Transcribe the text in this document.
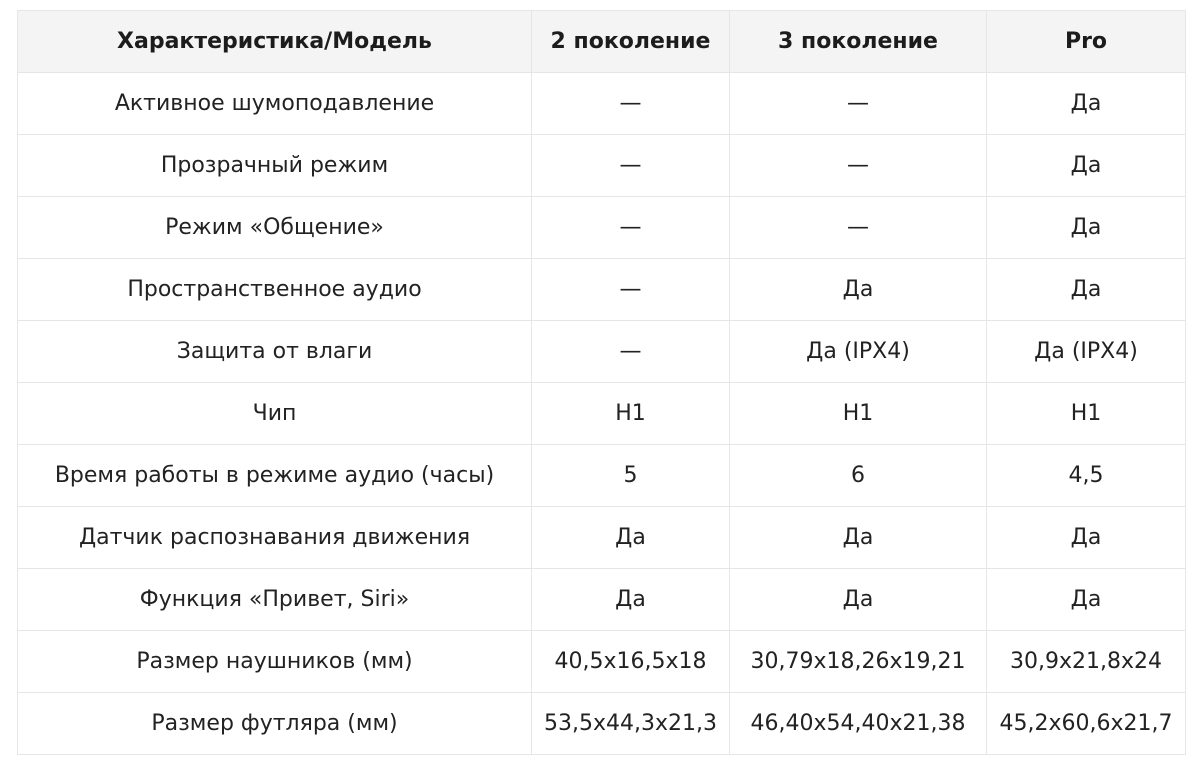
Характеристика/Модель	2 поколение	3 поколение	Pro
Активное шумоподавление	—	—	Да
Прозрачный режим	—	—	Да
Режим «Общение»	—	—	Да
Пространственное аудио	—	Да	Да
Защита от влаги	—	Да (IPX4)	Да (IPX4)
Чип	H1	H1	H1
Время работы в режиме аудио (часы)	5	6	4,5
Датчик распознавания движения	Да	Да	Да
Функция «Привет, Siri»	Да	Да	Да
Размер наушников (мм)	40,5x16,5x18	30,79x18,26x19,21	30,9x21,8x24
Размер футляра (мм)	53,5x44,3x21,3	46,40x54,40x21,38	45,2x60,6x21,7
